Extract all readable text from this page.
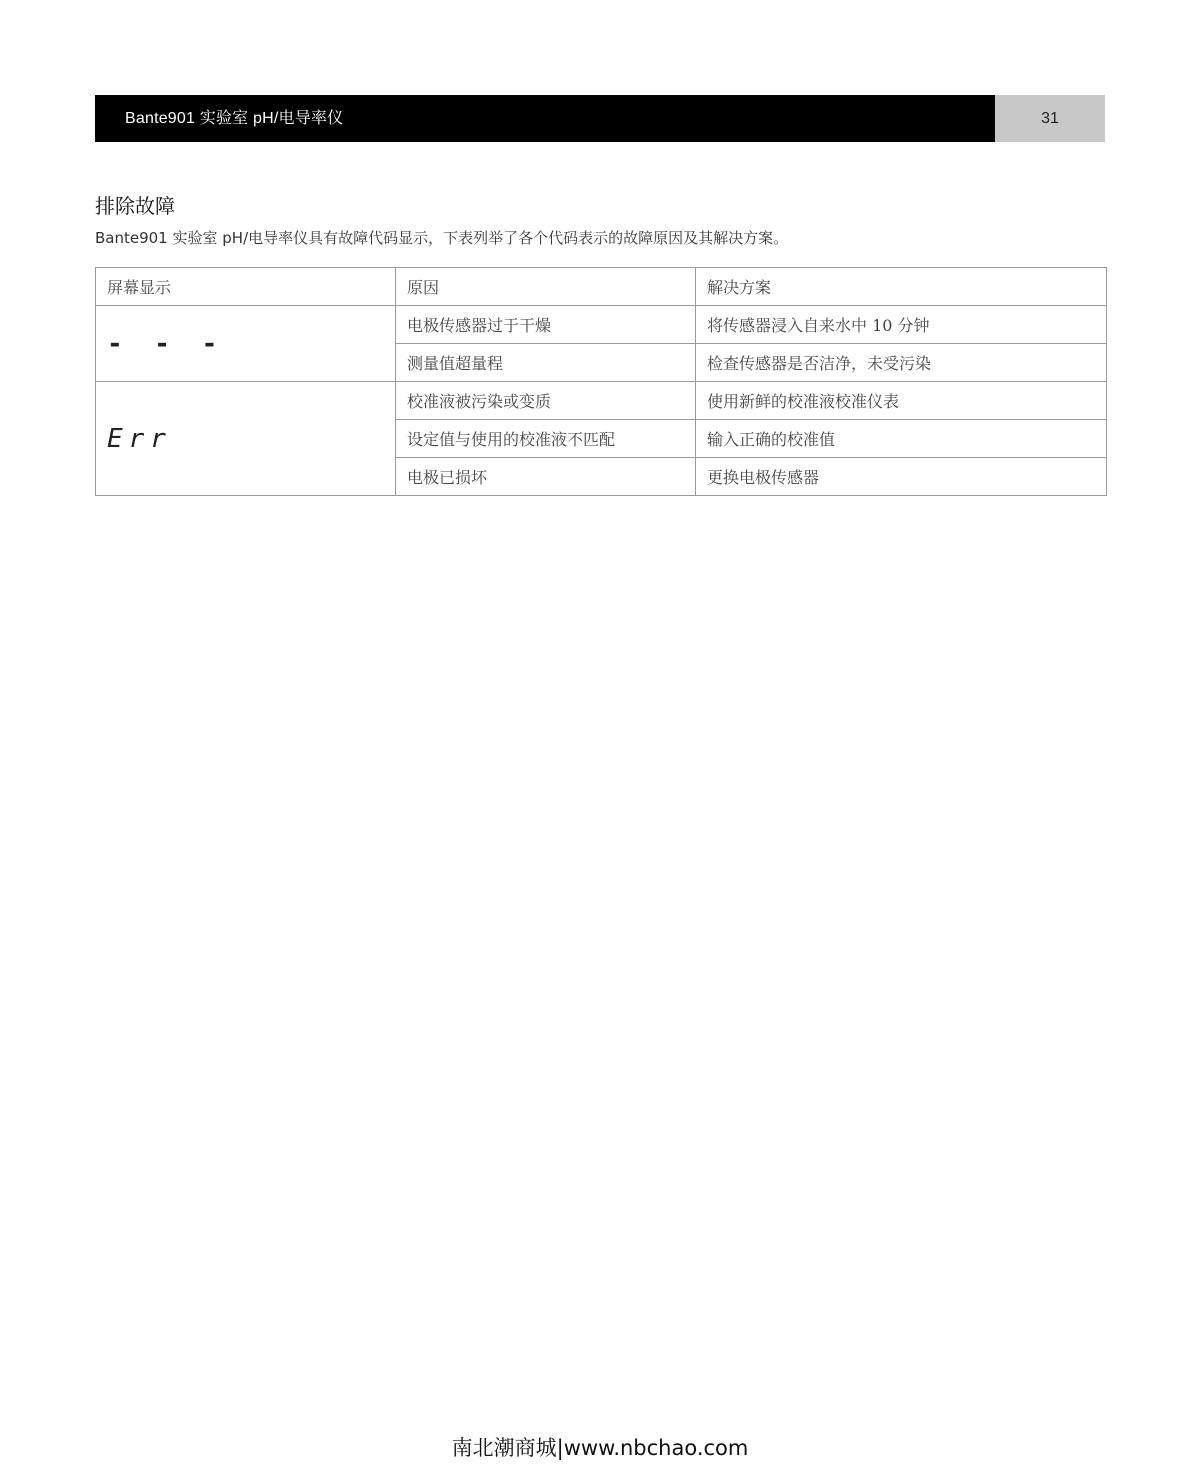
Bante901 实验室 pH/电导率仪	31
排除故障
Bante901 实验室 pH/电导率仪具有故障代码显示，下表列举了各个代码表示的故障原因及其解决方案。
屏幕显示	原因	解决方案
- - -	电极传感器过于干燥	将传感器浸入自来水中 10 分钟
	测量值超量程	检查传感器是否洁净，未受污染
Err	校准液被污染或变质	使用新鲜的校准液校准仪表
	设定值与使用的校准液不匹配	输入正确的校准值
	电极已损坏	更换电极传感器
南北潮商城|www.nbchao.com
